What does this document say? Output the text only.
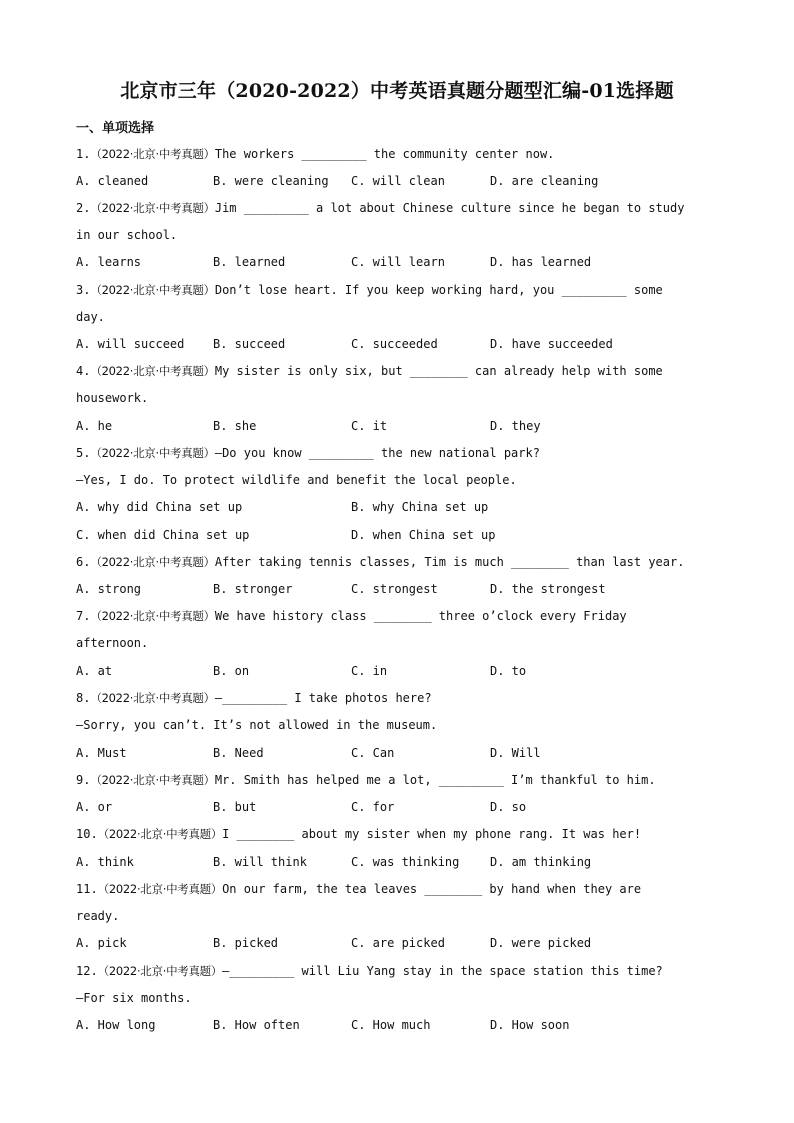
北京市三年（2020-2022）中考英语真题分题型汇编-01选择题
一、单项选择
1.（2022·北京·中考真题）The workers _________ the community center now.
A. cleaned	B. were cleaning C. will clean	D. are cleaning
2.（2022·北京·中考真题）Jim _________ a lot about Chinese culture since he began to study
in our school.
A. learns	B. learned	C. will learn	D. has learned
3.（2022·北京·中考真题）Don’t lose heart. If you keep working hard, you _________ some
day.
A. will succeed B. succeed	C. succeeded	D. have succeeded
4.（2022·北京·中考真题）My sister is only six, but ________ can already help with some
housework.
A. he	B. she	C. it	D. they
5.（2022·北京·中考真题）—Do you know _________ the new national park?
—Yes, I do. To protect wildlife and benefit the local people.
A. why did China set up	B. why China set up
C. when did China set up	D. when China set up
6.（2022·北京·中考真题）After taking tennis classes, Tim is much ________ than last year.
A. strong	B. stronger	C. strongest	D. the strongest
7.（2022·北京·中考真题）We have history class ________ three o’clock every Friday
afternoon.
A. at	B. on	C. in	D. to
8.（2022·北京·中考真题）—_________ I take photos here?
—Sorry, you can’t. It’s not allowed in the museum.
A. Must	B. Need	C. Can	D. Will
9.（2022·北京·中考真题）Mr. Smith has helped me a lot, _________ I’m thankful to him.
A. or	B. but	C. for	D. so
10.（2022·北京·中考真题）I ________ about my sister when my phone rang. It was her!
A. think	B. will think	C. was thinking	D. am thinking
11.（2022·北京·中考真题）On our farm, the tea leaves ________ by hand when they are
ready.
A. pick	B. picked	C. are picked	D. were picked
12.（2022·北京·中考真题）—_________ will Liu Yang stay in the space station this time?
—For six months.
A. How long	B. How often	C. How much	D. How soon
